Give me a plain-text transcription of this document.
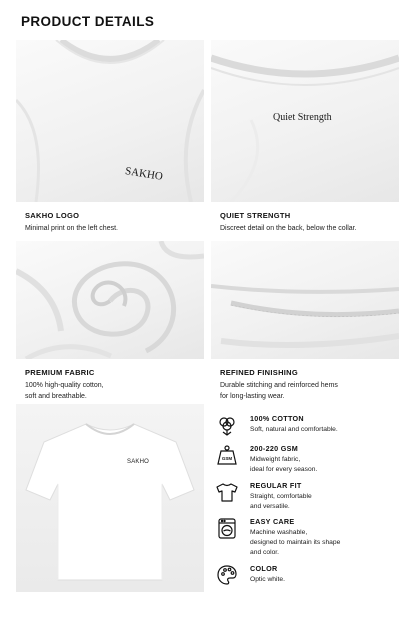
PRODUCT DETAILS
SAKHO
Quiet Strength
SAKHO LOGO
Minimal print on the left chest.
QUIET STRENGTH
Discreet detail on the back, below the collar.
PREMIUM FABRIC
100% high-quality cotton,
soft and breathable.
REFINED FINISHING
Durable stitching and reinforced hems
for long-lasting wear.
SAKHO
100% COTTON
Soft, natural and comfortable.
GSM
200-220 GSM
Midweight fabric,
ideal for every season.
REGULAR FIT
Straight, comfortable
and versatile.
EASY CARE
Machine washable,
designed to maintain its shape
and color.
COLOR
Optic white.
